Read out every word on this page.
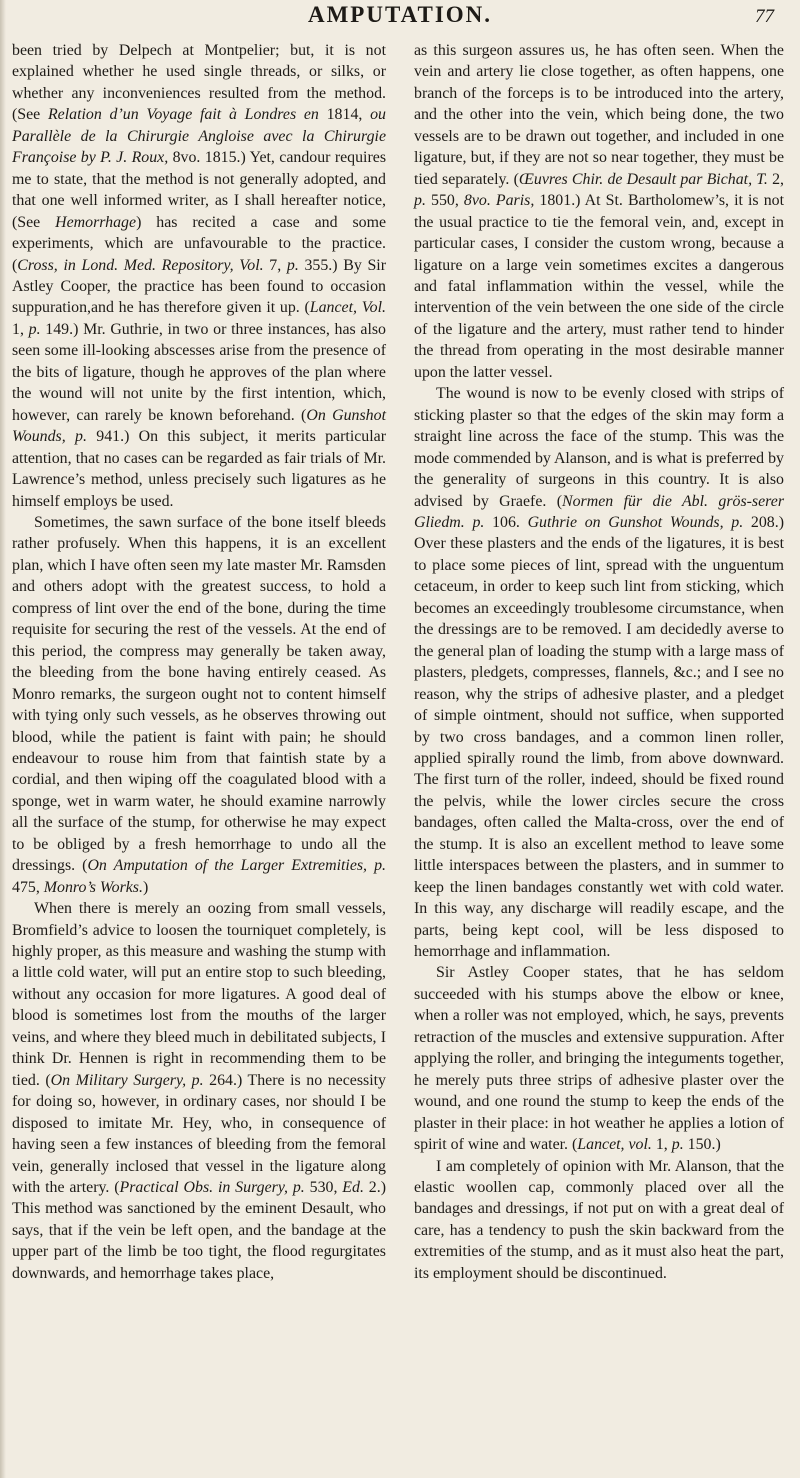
AMPUTATION.	77

been tried by Delpech at Montpelier; but, it is not explained whether he used single threads, or silks, or whether any inconveniences resulted from the method. (See Relation d’un Voyage fait à Londres en 1814, ou Parallèle de la Chirurgie Angloise avec la Chirurgie Françoise by P. J. Roux, 8vo. 1815.) Yet, candour requires me to state, that the method is not generally adopted, and that one well informed writer, as I shall hereafter notice, (See Hemorrhage) has recited a case and some experiments, which are unfavourable to the practice. (Cross, in Lond. Med. Repository, Vol. 7, p. 355.) By Sir Astley Cooper, the practice has been found to occasion suppuration,and he has therefore given it up. (Lancet, Vol. 1, p. 149.) Mr. Guthrie, in two or three instances, has also seen some ill-looking abscesses arise from the presence of the bits of ligature, though he approves of the plan where the wound will not unite by the first intention, which, however, can rarely be known beforehand. (On Gunshot Wounds, p. 941.) On this subject, it merits particular attention, that no cases can be regarded as fair trials of Mr. Lawrence’s method, unless precisely such ligatures as he himself employs be used.

Sometimes, the sawn surface of the bone itself bleeds rather profusely. When this happens, it is an excellent plan, which I have often seen my late master Mr. Ramsden and others adopt with the greatest success, to hold a compress of lint over the end of the bone, during the time requisite for securing the rest of the vessels. At the end of this period, the compress may generally be taken away, the bleeding from the bone having entirely ceased. As Monro remarks, the surgeon ought not to content himself with tying only such vessels, as he observes throwing out blood, while the patient is faint with pain; he should endeavour to rouse him from that faintish state by a cordial, and then wiping off the coagulated blood with a sponge, wet in warm water, he should examine narrowly all the surface of the stump, for otherwise he may expect to be obliged by a fresh hemorrhage to undo all the dressings. (On Amputation of the Larger Extremities, p. 475, Monro’s Works.)

When there is merely an oozing from small vessels, Bromfield’s advice to loosen the tourniquet completely, is highly proper, as this measure and washing the stump with a little cold water, will put an entire stop to such bleeding, without any occasion for more ligatures. A good deal of blood is sometimes lost from the mouths of the larger veins, and where they bleed much in debilitated subjects, I think Dr. Hennen is right in recommending them to be tied. (On Military Surgery, p. 264.) There is no necessity for doing so, however, in ordinary cases, nor should I be disposed to imitate Mr. Hey, who, in consequence of having seen a few instances of bleeding from the femoral vein, generally inclosed that vessel in the ligature along with the artery. (Practical Obs. in Surgery, p. 530, Ed. 2.) This method was sanctioned by the eminent Desault, who says, that if the vein be left open, and the bandage at the upper part of the limb be too tight, the flood regurgitates downwards, and hemorrhage takes place,

as this surgeon assures us, he has often seen. When the vein and artery lie close together, as often happens, one branch of the forceps is to be introduced into the artery, and the other into the vein, which being done, the two vessels are to be drawn out together, and included in one ligature, but, if they are not so near together, they must be tied separately. (Œuvres Chir. de Desault par Bichat, T. 2, p. 550, 8vo. Paris, 1801.) At St. Bartholomew’s, it is not the usual practice to tie the femoral vein, and, except in particular cases, I consider the custom wrong, because a ligature on a large vein sometimes excites a dangerous and fatal inflammation within the vessel, while the intervention of the vein between the one side of the circle of the ligature and the artery, must rather tend to hinder the thread from operating in the most desirable manner upon the latter vessel.

The wound is now to be evenly closed with strips of sticking plaster so that the edges of the skin may form a straight line across the face of the stump. This was the mode commended by Alanson, and is what is preferred by the generality of surgeons in this country. It is also advised by Graefe. (Normen für die Abl. grös-serer Gliedm. p. 106. Guthrie on Gunshot Wounds, p. 208.) Over these plasters and the ends of the ligatures, it is best to place some pieces of lint, spread with the unguentum cetaceum, in order to keep such lint from sticking, which becomes an exceedingly troublesome circumstance, when the dressings are to be removed. I am decidedly averse to the general plan of loading the stump with a large mass of plasters, pledgets, compresses, flannels, &c.; and I see no reason, why the strips of adhesive plaster, and a pledget of simple ointment, should not suffice, when supported by two cross bandages, and a common linen roller, applied spirally round the limb, from above downward. The first turn of the roller, indeed, should be fixed round the pelvis, while the lower circles secure the cross bandages, often called the Malta-cross, over the end of the stump. It is also an excellent method to leave some little interspaces between the plasters, and in summer to keep the linen bandages constantly wet with cold water. In this way, any discharge will readily escape, and the parts, being kept cool, will be less disposed to hemorrhage and inflammation.

Sir Astley Cooper states, that he has seldom succeeded with his stumps above the elbow or knee, when a roller was not employed, which, he says, prevents retraction of the muscles and extensive suppuration. After applying the roller, and bringing the integuments together, he merely puts three strips of adhesive plaster over the wound, and one round the stump to keep the ends of the plaster in their place: in hot weather he applies a lotion of spirit of wine and water. (Lancet, vol. 1, p. 150.)

I am completely of opinion with Mr. Alanson, that the elastic woollen cap, commonly placed over all the bandages and dressings, if not put on with a great deal of care, has a tendency to push the skin backward from the extremities of the stump, and as it must also heat the part, its employment should be discontinued.
